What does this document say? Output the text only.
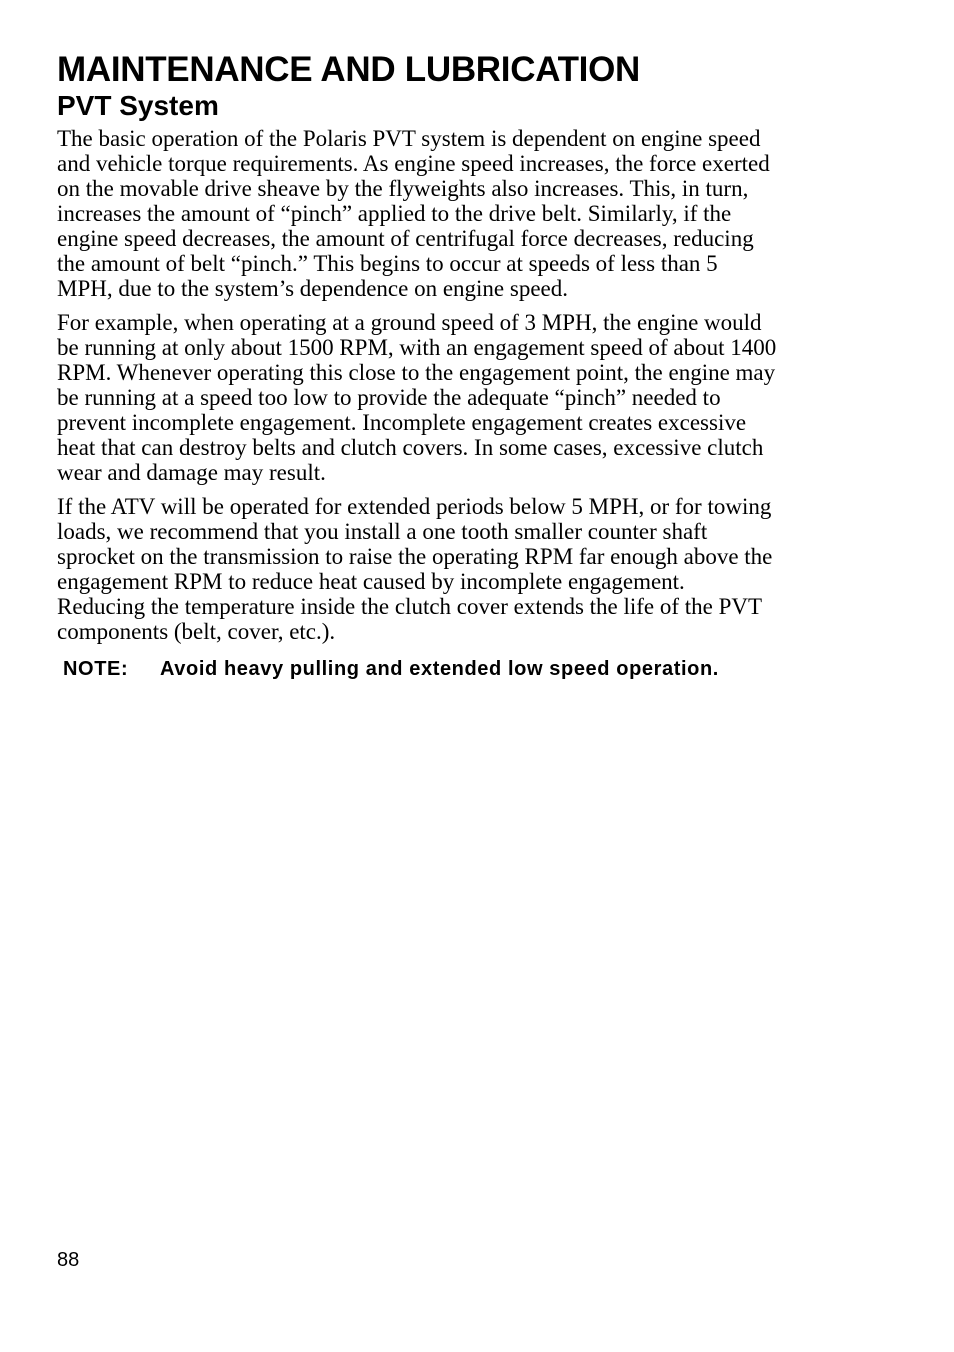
MAINTENANCE AND LUBRICATION
PVT System

The basic operation of the Polaris PVT system is dependent on engine speed and vehicle torque requirements. As engine speed increases, the force exerted on the movable drive sheave by the flyweights also increases. This, in turn, increases the amount of “pinch” applied to the drive belt. Similarly, if the engine speed decreases, the amount of centrifugal force decreases, reducing the amount of belt “pinch.” This begins to occur at speeds of less than 5 MPH, due to the system’s dependence on engine speed.

For example, when operating at a ground speed of 3 MPH, the engine would be running at only about 1500 RPM, with an engagement speed of about 1400 RPM. Whenever operating this close to the engagement point, the engine may be running at a speed too low to provide the adequate “pinch” needed to prevent incomplete engagement. Incomplete engagement creates excessive heat that can destroy belts and clutch covers. In some cases, excessive clutch wear and damage may result.

If the ATV will be operated for extended periods below 5 MPH, or for towing loads, we recommend that you install a one tooth smaller counter shaft sprocket on the transmission to raise the operating RPM far enough above the engagement RPM to reduce heat caused by incomplete engagement. Reducing the temperature inside the clutch cover extends the life of the PVT components (belt, cover, etc.).

NOTE:	Avoid heavy pulling and extended low speed operation.
88
